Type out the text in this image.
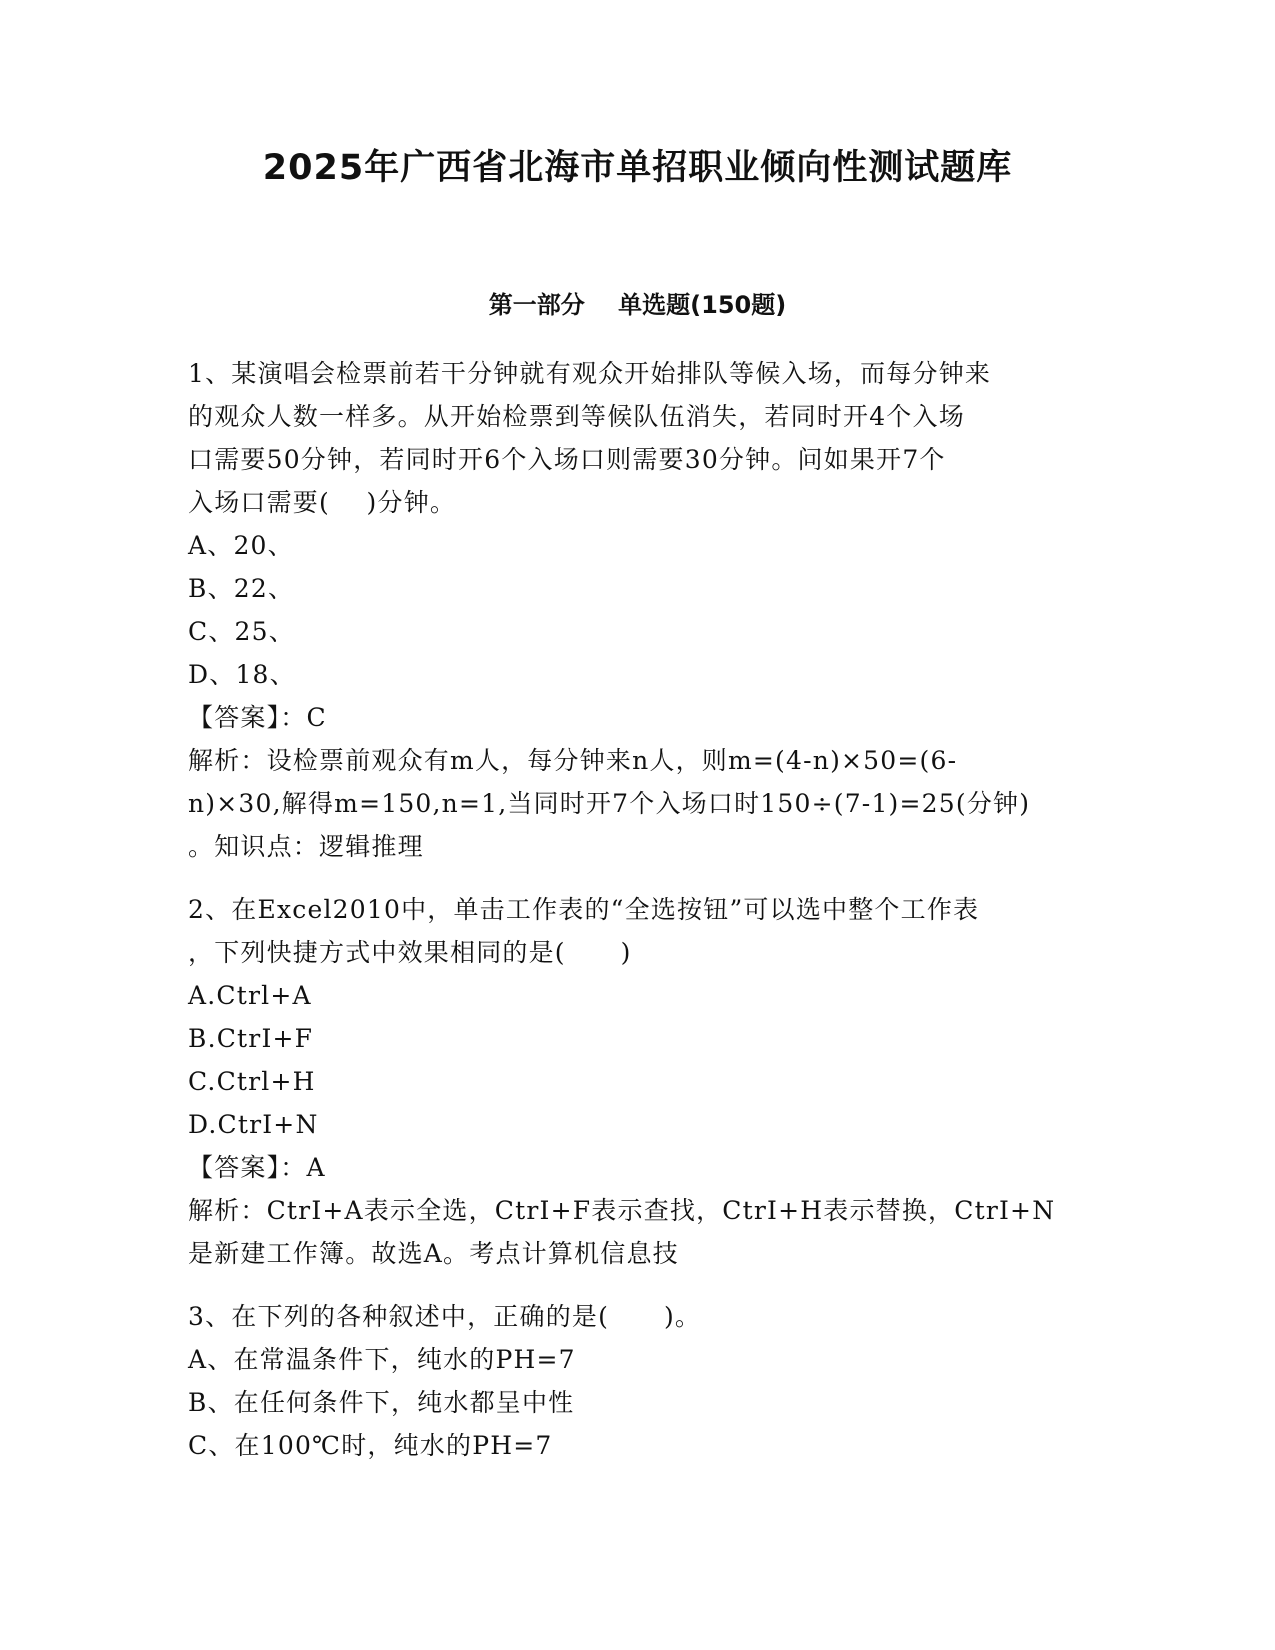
2025年广西省北海市单招职业倾向性测试题库
第一部分    单选题(150题)
1、某演唱会检票前若干分钟就有观众开始排队等候入场，而每分钟来
的观众人数一样多。从开始检票到等候队伍消失，若同时开4个入场
口需要50分钟，若同时开6个入场口则需要30分钟。问如果开7个
入场口需要(    )分钟。
A、20、
B、22、
C、25、
D、18、
【答案】：C
解析：设检票前观众有m人，每分钟来n人，则m=(4-n)×50=(6-
n)×30,解得m=150,n=1,当同时开7个入场口时150÷(7-1)=25(分钟)
。知识点：逻辑推理
2、在Excel2010中，单击工作表的“全选按钮”可以选中整个工作表
，下列快捷方式中效果相同的是(      )
A.Ctrl+A
B.CtrI+F
C.Ctrl+H
D.CtrI+N
【答案】：A
解析：CtrI+A表示全选，CtrI+F表示查找，CtrI+H表示替换，CtrI+N
是新建工作簿。故选A。考点计算机信息技
3、在下列的各种叙述中，正确的是(      )。
A、在常温条件下，纯水的PH=7
B、在任何条件下，纯水都呈中性
C、在100℃时，纯水的PH=7
